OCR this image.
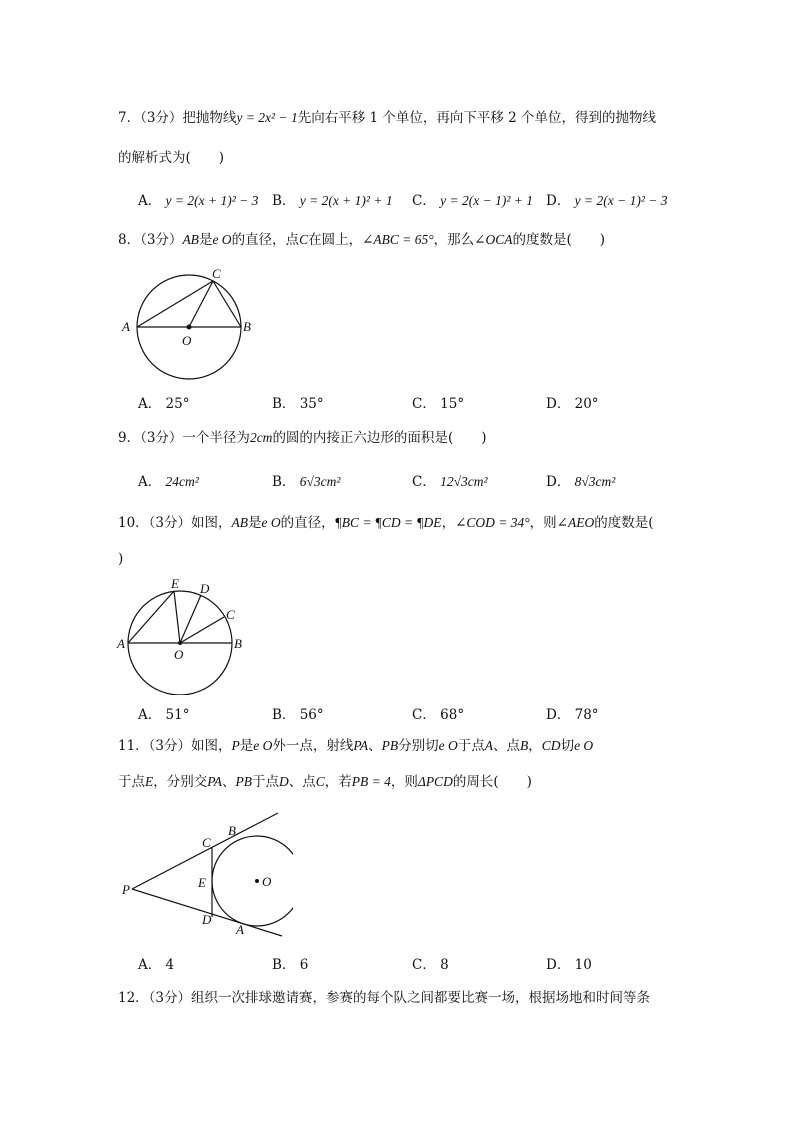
7．（3分）把抛物线y = 2x² − 1先向右平移 1 个单位，再向下平移 2 个单位，得到的抛物线
的解析式为( )
A． y = 2(x + 1)² − 3 B． y = 2(x + 1)² + 1 C． y = 2(x − 1)² + 1 D． y = 2(x − 1)² − 3
8．（3分）AB是e O的直径，点C在圆上，∠ABC = 65°，那么∠OCA的度数是( )
A	B
C
O
A． 25°	B． 35°	C． 15°	D． 20°
9．（3分）一个半径为2cm的圆的内接正六边形的面积是( )
A． 24cm²	B． 6√3cm²	C． 12√3cm²	D． 8√3cm²
10．（3分）如图，AB是e O的直径，¶BC = ¶CD = ¶DE，∠COD = 34°，则∠AEO的度数是(
)
A	B
C
D
E
O
A． 51°	B． 56°	C． 68°	D． 78°
11．（3分）如图，P是e O外一点，射线PA、PB分别切e O于点A、点B，CD切e O
于点E，分别交PA、PB于点D、点C，若PB = 4，则ΔPCD的周长( )
P
B
C
E
D
A
O
A． 4	B． 6	C． 8	D． 10
12．（3分）组织一次排球邀请赛，参赛的每个队之间都要比赛一场，根据场地和时间等条
